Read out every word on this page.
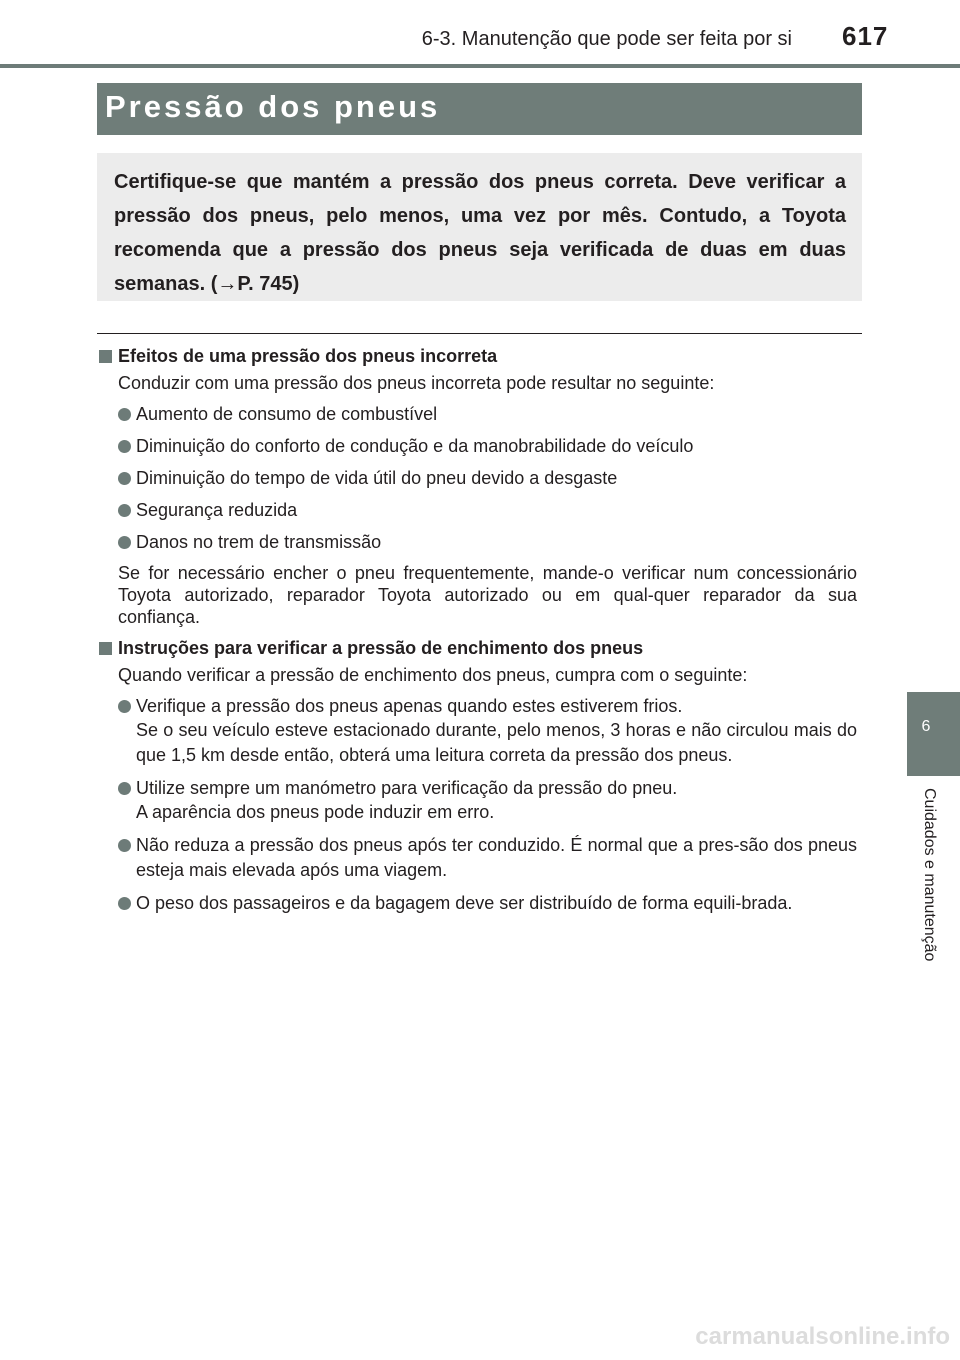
6-3. Manutenção que pode ser feita por si 617
Pressão dos pneus

Certifique-se que mantém a pressão dos pneus correta. Deve verificar a pressão dos pneus, pelo menos, uma vez por mês. Contudo, a Toyota recomenda que a pressão dos pneus seja verificada de duas em duas semanas. (→P. 745)

Efeitos de uma pressão dos pneus incorreta

Conduzir com uma pressão dos pneus incorreta pode resultar no seguinte:

Aumento de consumo de combustível

Diminuição do conforto de condução e da manobrabilidade do veículo

Diminuição do tempo de vida útil do pneu devido a desgaste

Segurança reduzida

Danos no trem de transmissão

Se for necessário encher o pneu frequentemente, mande-o verificar num concessionário Toyota autorizado, reparador Toyota autorizado ou em qual-quer reparador da sua confiança.

Instruções para verificar a pressão de enchimento dos pneus

Quando verificar a pressão de enchimento dos pneus, cumpra com o seguinte:

Verifique a pressão dos pneus apenas quando estes estiverem frios.

Se o seu veículo esteve estacionado durante, pelo menos, 3 horas e não circulou mais do que 1,5 km desde então, obterá uma leitura correta da pressão dos pneus.

Utilize sempre um manómetro para verificação da pressão do pneu.

A aparência dos pneus pode induzir em erro.

Não reduza a pressão dos pneus após ter conduzido. É normal que a pres-são dos pneus esteja mais elevada após uma viagem.

O peso dos passageiros e da bagagem deve ser distribuído de forma equili-brada.

6
Cuidados e manutenção
carmanualsonline.info
